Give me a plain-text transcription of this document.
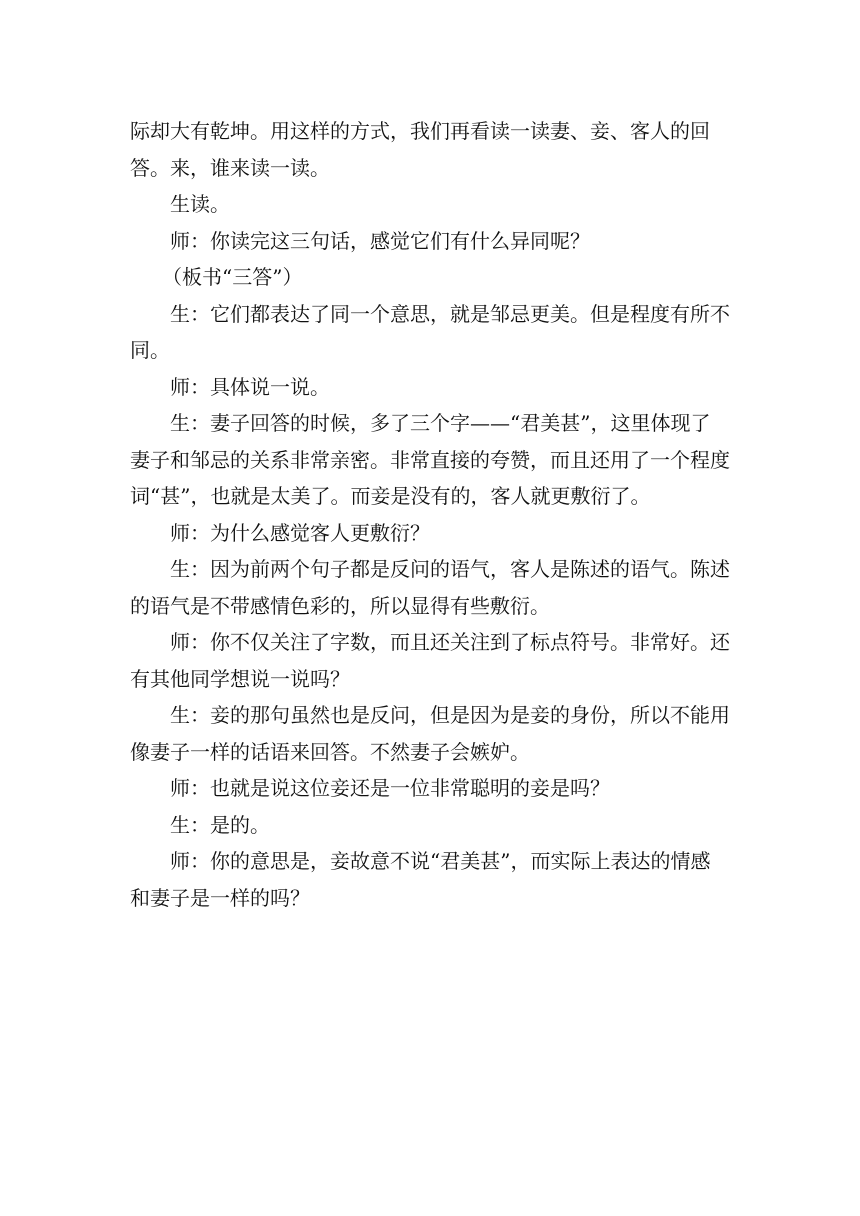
际却大有乾坤。用这样的方式，我们再看读一读妻、妾、客人的回答。来，谁来读一读。

生读。

师：你读完这三句话，感觉它们有什么异同呢？

（板书“三答”）

生：它们都表达了同一个意思，就是邹忌更美。但是程度有所不同。

师：具体说一说。

生：妻子回答的时候，多了三个字——“君美甚”，这里体现了妻子和邹忌的关系非常亲密。非常直接的夸赞，而且还用了一个程度词“甚”，也就是太美了。而妾是没有的，客人就更敷衍了。

师：为什么感觉客人更敷衍？

生：因为前两个句子都是反问的语气，客人是陈述的语气。陈述的语气是不带感情色彩的，所以显得有些敷衍。

师：你不仅关注了字数，而且还关注到了标点符号。非常好。还有其他同学想说一说吗？

生：妾的那句虽然也是反问，但是因为是妾的身份，所以不能用像妻子一样的话语来回答。不然妻子会嫉妒。

师：也就是说这位妾还是一位非常聪明的妾是吗？

生：是的。

师：你的意思是，妾故意不说“君美甚”，而实际上表达的情感和妻子是一样的吗？
